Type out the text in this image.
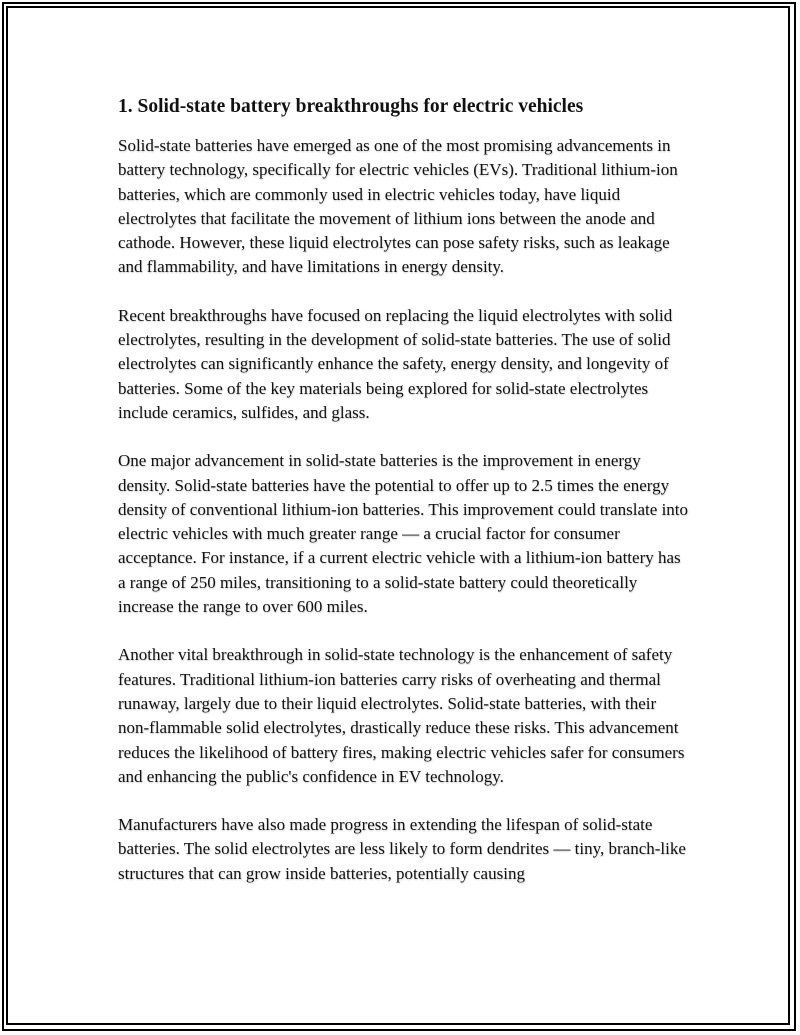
1. Solid-state battery breakthroughs for electric vehicles

Solid-state batteries have emerged as one of the most promising advancements in battery technology, specifically for electric vehicles (EVs). Traditional lithium-ion batteries, which are commonly used in electric vehicles today, have liquid electrolytes that facilitate the movement of lithium ions between the anode and cathode. However, these liquid electrolytes can pose safety risks, such as leakage and flammability, and have limitations in energy density.

Recent breakthroughs have focused on replacing the liquid electrolytes with solid electrolytes, resulting in the development of solid-state batteries. The use of solid electrolytes can significantly enhance the safety, energy density, and longevity of batteries. Some of the key materials being explored for solid-state electrolytes include ceramics, sulfides, and glass.

One major advancement in solid-state batteries is the improvement in energy density. Solid-state batteries have the potential to offer up to 2.5 times the energy density of conventional lithium-ion batteries. This improvement could translate into electric vehicles with much greater range — a crucial factor for consumer acceptance. For instance, if a current electric vehicle with a lithium-ion battery has a range of 250 miles, transitioning to a solid-state battery could theoretically increase the range to over 600 miles.

Another vital breakthrough in solid-state technology is the enhancement of safety features. Traditional lithium-ion batteries carry risks of overheating and thermal runaway, largely due to their liquid electrolytes. Solid-state batteries, with their non-flammable solid electrolytes, drastically reduce these risks. This advancement reduces the likelihood of battery fires, making electric vehicles safer for consumers and enhancing the public's confidence in EV technology.

Manufacturers have also made progress in extending the lifespan of solid-state batteries. The solid electrolytes are less likely to form dendrites — tiny, branch-like structures that can grow inside batteries, potentially causing
